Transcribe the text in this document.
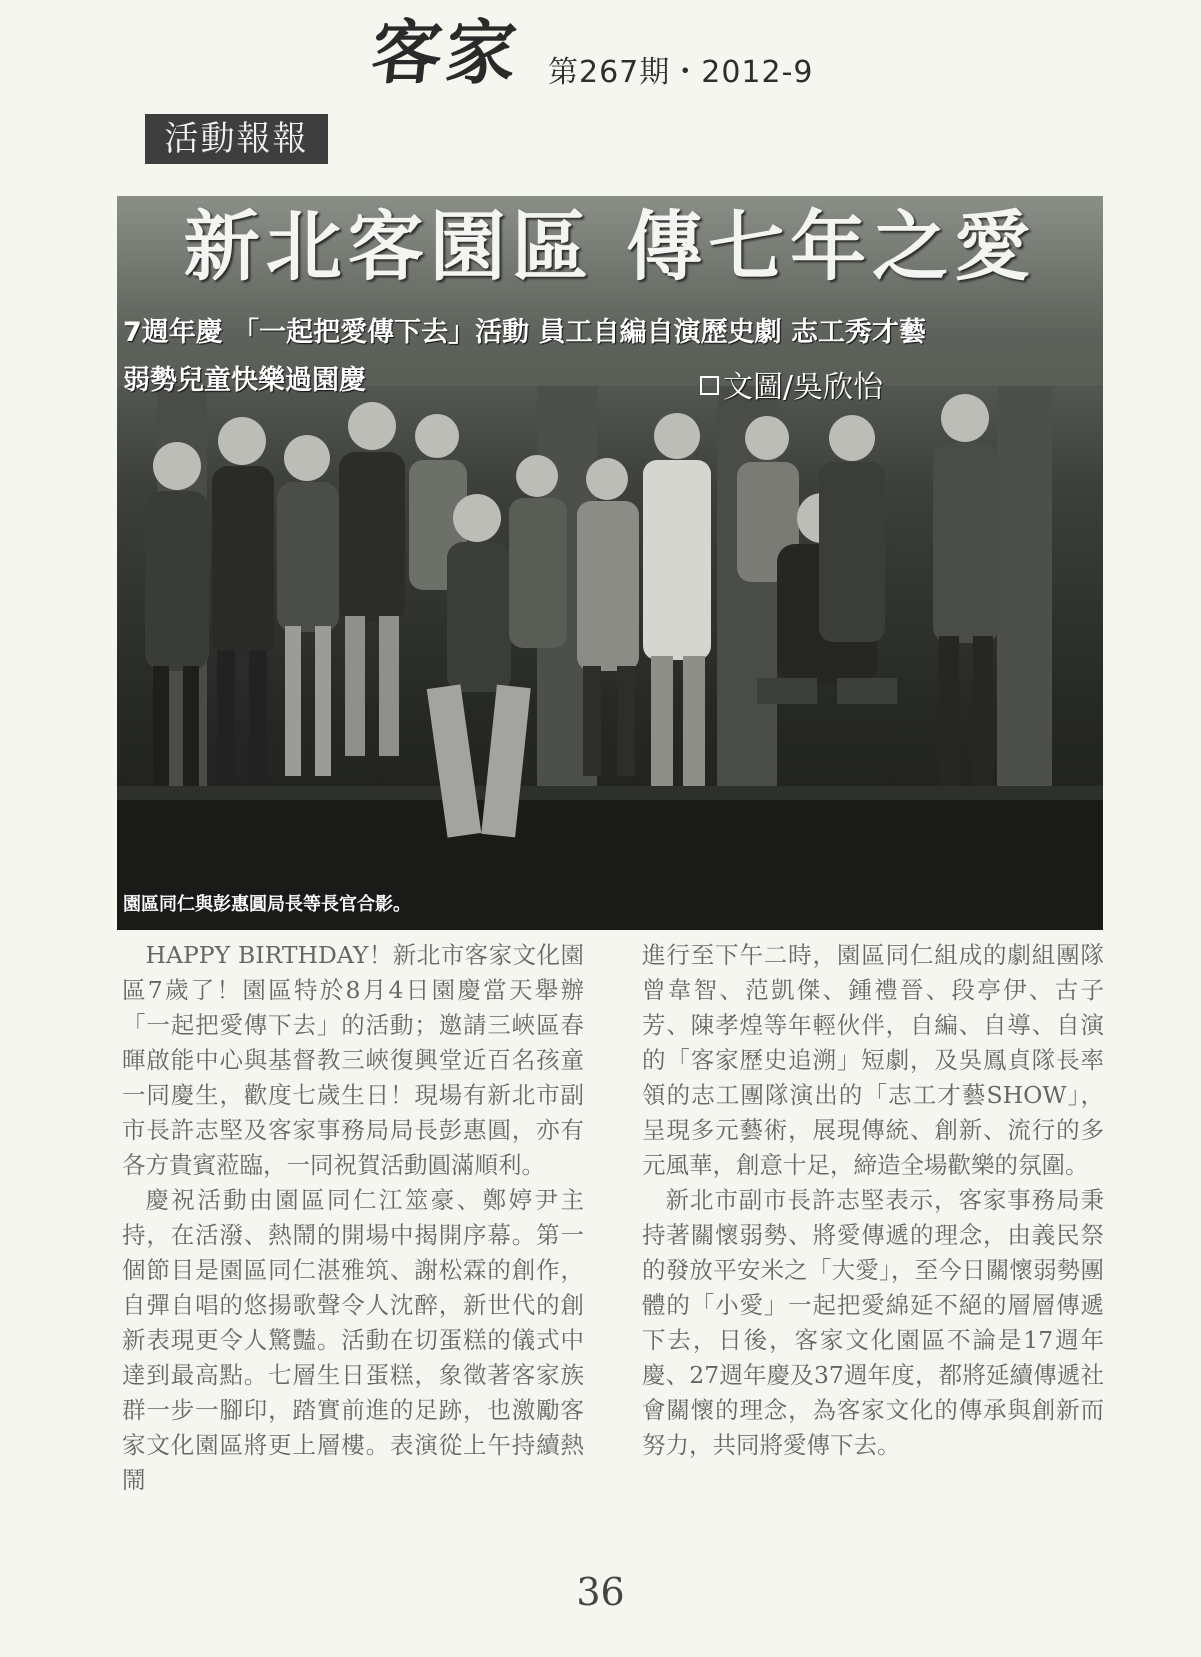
客家 第267期・2012-9
活動報報
新北客園區 傳七年之愛
7週年慶 「一起把愛傳下去」活動 員工自編自演歷史劇 志工秀才藝
弱勢兒童快樂過園慶	文圖/吳欣怡
園區同仁與彭惠圓局長等長官合影。

HAPPY BIRTHDAY！新北市客家文化園區7歲了！園區特於8月4日園慶當天舉辦「一起把愛傳下去」的活動；邀請三峽區春暉啟能中心與基督教三峽復興堂近百名孩童一同慶生，歡度七歲生日！現場有新北市副市長許志堅及客家事務局局長彭惠圓，亦有各方貴賓蒞臨，一同祝賀活動圓滿順利。

慶祝活動由園區同仁江筮豪、鄭婷尹主持，在活潑、熱鬧的開場中揭開序幕。第一個節目是園區同仁湛雅筑、謝松霖的創作，自彈自唱的悠揚歌聲令人沈醉，新世代的創新表現更令人驚豔。活動在切蛋糕的儀式中達到最高點。七層生日蛋糕，象徵著客家族群一步一腳印，踏實前進的足跡，也激勵客家文化園區將更上層樓。表演從上午持續熱鬧

進行至下午二時，園區同仁組成的劇組團隊曾韋智、范凱傑、鍾禮晉、段亭伊、古子芳、陳孝煌等年輕伙伴，自編、自導、自演的「客家歷史追溯」短劇，及吳鳳貞隊長率領的志工團隊演出的「志工才藝SHOW」，呈現多元藝術，展現傳統、創新、流行的多元風華，創意十足，締造全場歡樂的氛圍。

新北市副市長許志堅表示，客家事務局秉持著關懷弱勢、將愛傳遞的理念，由義民祭的發放平安米之「大愛」，至今日關懷弱勢團體的「小愛」一起把愛綿延不絕的層層傳遞下去，日後，客家文化園區不論是17週年慶、27週年慶及37週年度，都將延續傳遞社會關懷的理念，為客家文化的傳承與創新而努力，共同將愛傳下去。

36
